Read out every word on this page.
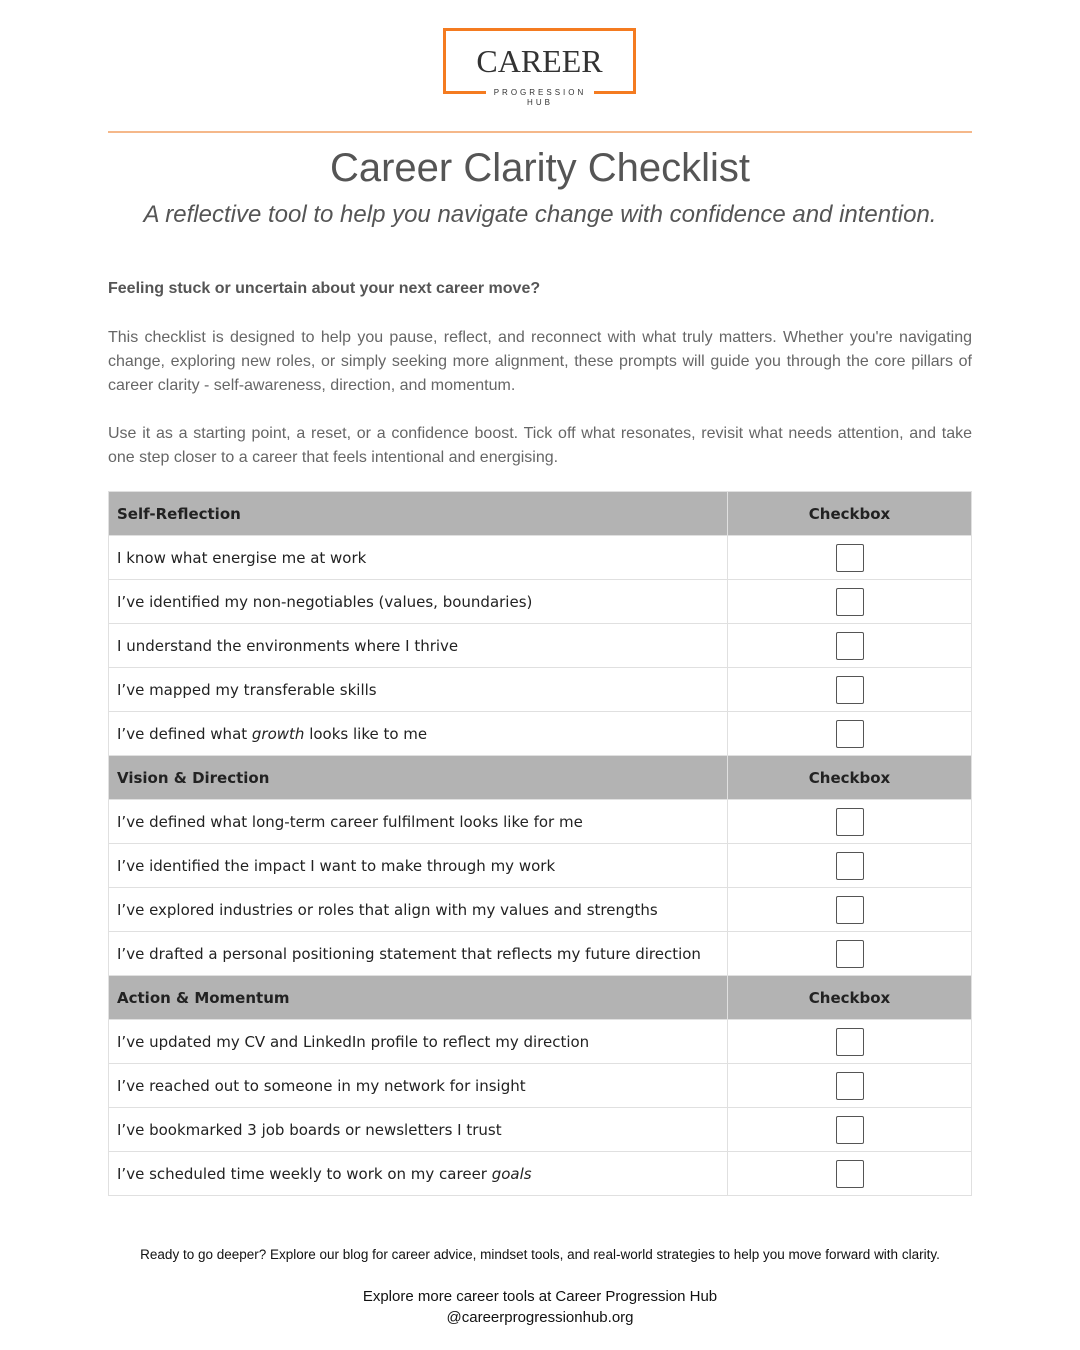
CAREER
PROGRESSION
HUB
Career Clarity Checklist
A reflective tool to help you navigate change with confidence and intention.
Feeling stuck or uncertain about your next career move?
This checklist is designed to help you pause, reflect, and reconnect with what truly matters. Whether you're navigating change, exploring new roles, or simply seeking more alignment, these prompts will guide you through the core pillars of career clarity - self-awareness, direction, and momentum.
Use it as a starting point, a reset, or a confidence boost. Tick off what resonates, revisit what needs attention, and take one step closer to a career that feels intentional and energising.
Self-Reflection	Checkbox
I know what energise me at work	
I’ve identified my non-negotiables (values, boundaries)	
I understand the environments where I thrive	
I’ve mapped my transferable skills	
I’ve defined what growth looks like to me	
Vision & Direction	Checkbox
I’ve defined what long-term career fulfilment looks like for me	
I’ve identified the impact I want to make through my work	
I’ve explored industries or roles that align with my values and strengths	
I’ve drafted a personal positioning statement that reflects my future direction	
Action & Momentum	Checkbox
I’ve updated my CV and LinkedIn profile to reflect my direction	
I’ve reached out to someone in my network for insight	
I’ve bookmarked 3 job boards or newsletters I trust	
I’ve scheduled time weekly to work on my career goals	
Ready to go deeper? Explore our blog for career advice, mindset tools, and real-world strategies to help you move forward with clarity.
Explore more career tools at Career Progression Hub
@careerprogressionhub.org
